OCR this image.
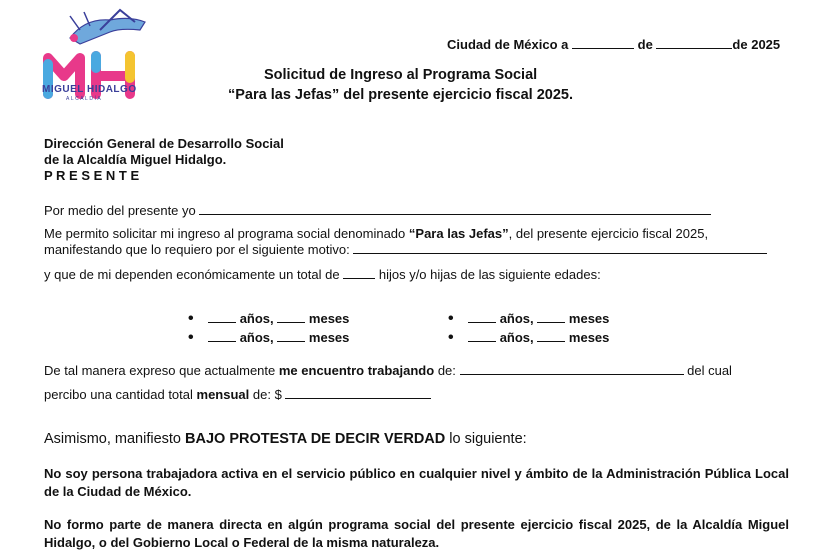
MIGUEL HIDALGO
ALCALDÍA
Ciudad de México a	de	de 2025
Solicitud de Ingreso al Programa Social
“Para las Jefas” del presente ejercicio fiscal 2025.
Dirección General de Desarrollo Social
de la Alcaldía Miguel Hidalgo.
P R E S E N T E
Por medio del presente yo
Me permito solicitar mi ingreso al programa social denominado “Para las Jefas”, del presente ejercicio fiscal 2025,
manifestando que lo requiero por el siguiente motivo:
y que de mi dependen económicamente un total de	hijos y/o hijas de las siguiente edades:
•	años,	meses
•	años,	meses
•	años,	meses
•	años,	meses
De tal manera expreso que actualmente me encuentro trabajando de:	del cual
percibo una cantidad total mensual de: $
Asimismo, manifiesto BAJO PROTESTA DE DECIR VERDAD lo siguiente:
No soy persona trabajadora activa en el servicio público en cualquier nivel y ámbito de la Administración Pública Local de la Ciudad de México.
No formo parte de manera directa en algún programa social del presente ejercicio fiscal 2025, de la Alcaldía Miguel Hidalgo, o del Gobierno Local o Federal de la misma naturaleza.
